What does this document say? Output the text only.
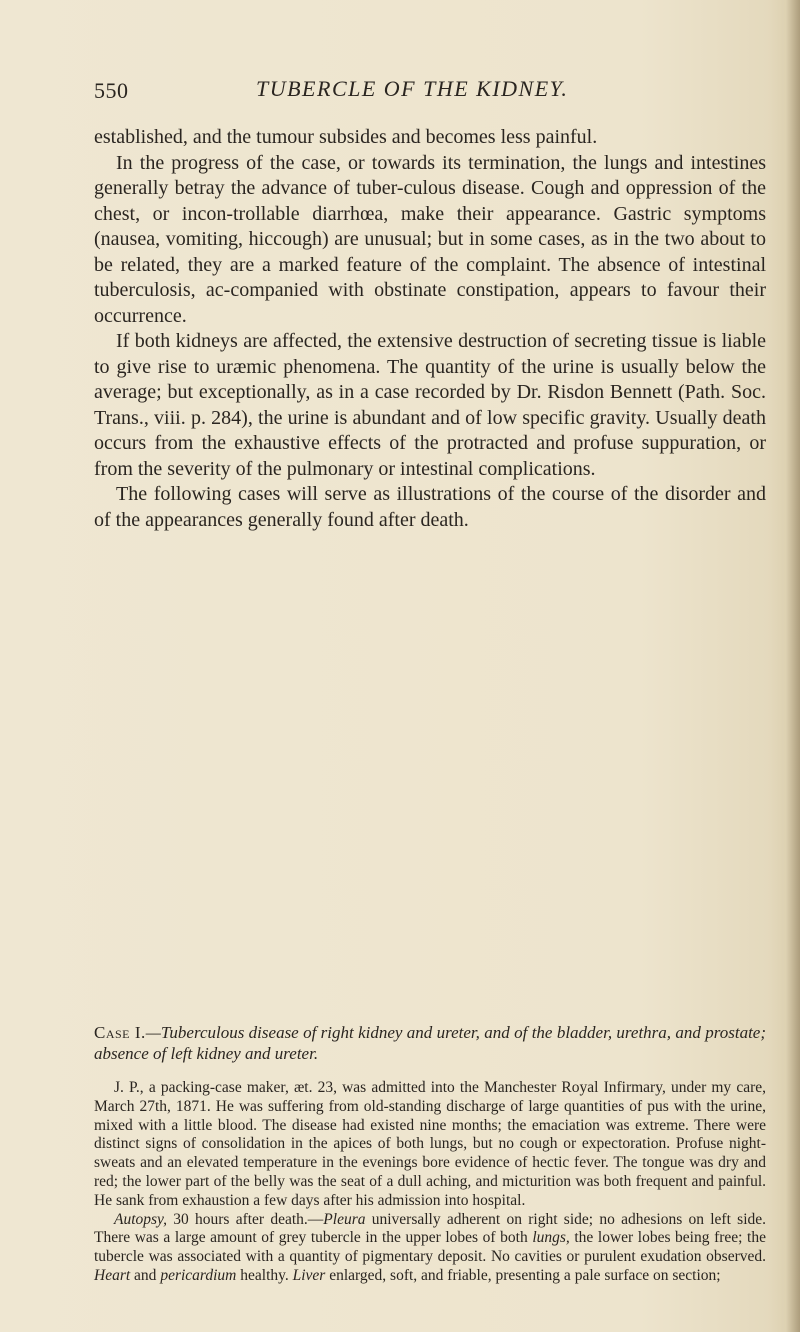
550	TUBERCLE OF THE KIDNEY.

established, and the tumour subsides and becomes less painful.

In the progress of the case, or towards its termination, the lungs and intestines generally betray the advance of tuber-culous disease. Cough and oppression of the chest, or incon-trollable diarrhœa, make their appearance. Gastric symptoms (nausea, vomiting, hiccough) are unusual; but in some cases, as in the two about to be related, they are a marked feature of the complaint. The absence of intestinal tuberculosis, ac-companied with obstinate constipation, appears to favour their occurrence.

If both kidneys are affected, the extensive destruction of secreting tissue is liable to give rise to uræmic phenomena. The quantity of the urine is usually below the average; but exceptionally, as in a case recorded by Dr. Risdon Bennett (Path. Soc. Trans., viii. p. 284), the urine is abundant and of low specific gravity. Usually death occurs from the exhaustive effects of the protracted and profuse suppuration, or from the severity of the pulmonary or intestinal complications.

The following cases will serve as illustrations of the course of the disorder and of the appearances generally found after death.

Case I.—Tuberculous disease of right kidney and ureter, and of the bladder, urethra, and prostate; absence of left kidney and ureter.

J. P., a packing-case maker, æt. 23, was admitted into the Manchester Royal Infirmary, under my care, March 27th, 1871. He was suffering from old-standing discharge of large quantities of pus with the urine, mixed with a little blood. The disease had existed nine months; the emaciation was extreme. There were distinct signs of consolidation in the apices of both lungs, but no cough or expectoration. Profuse night-sweats and an elevated temperature in the evenings bore evidence of hectic fever. The tongue was dry and red; the lower part of the belly was the seat of a dull aching, and micturition was both frequent and painful. He sank from exhaustion a few days after his admission into hospital.

Autopsy, 30 hours after death.—Pleura universally adherent on right side; no adhesions on left side. There was a large amount of grey tubercle in the upper lobes of both lungs, the lower lobes being free; the tubercle was associated with a quantity of pigmentary deposit. No cavities or purulent exudation observed. Heart and pericardium healthy. Liver enlarged, soft, and friable, presenting a pale surface on section;
